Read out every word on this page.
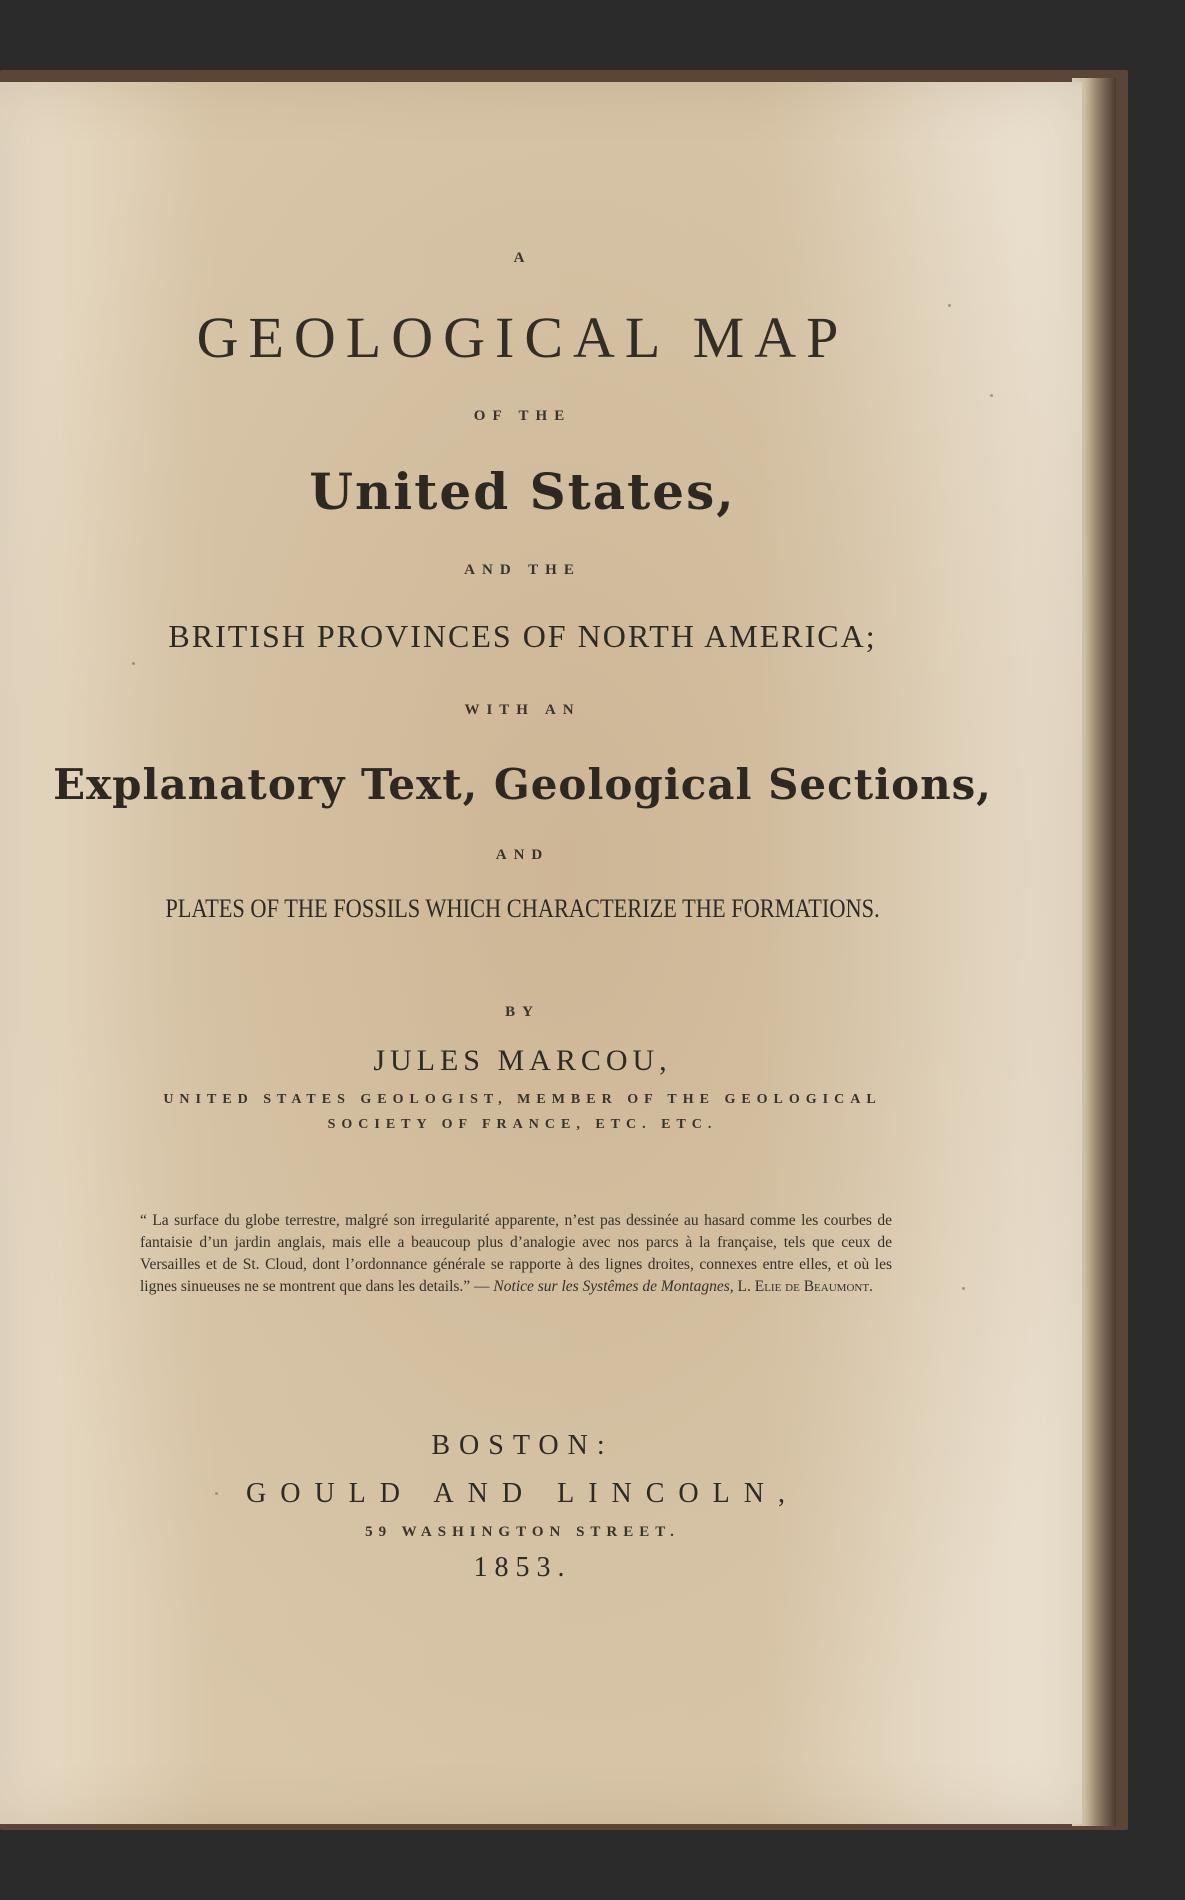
A
GEOLOGICAL MAP
OF THE
United States,
AND THE
BRITISH PROVINCES OF NORTH AMERICA;
WITH AN
Explanatory Text, Geological Sections,
AND
PLATES OF THE FOSSILS WHICH CHARACTERIZE THE FORMATIONS.
BY
JULES MARCOU,
UNITED STATES GEOLOGIST, MEMBER OF THE GEOLOGICAL
SOCIETY OF FRANCE, ETC. ETC.
“ La surface du globe terrestre, malgré son irregularité apparente, n’est pas dessinée au hasard comme les courbes de fantaisie d’un jardin anglais, mais elle a beaucoup plus d’analogie avec nos parcs à la française, tels que ceux de Versailles et de St. Cloud, dont l’ordonnance générale se rapporte à des lignes droites, connexes entre elles, et où les lignes sinueuses ne se montrent que dans les details.” — Notice sur les Systêmes de Montagnes, L. Elie de Beaumont.
BOSTON:
GOULD AND LINCOLN,
59 WASHINGTON STREET.
1853.
